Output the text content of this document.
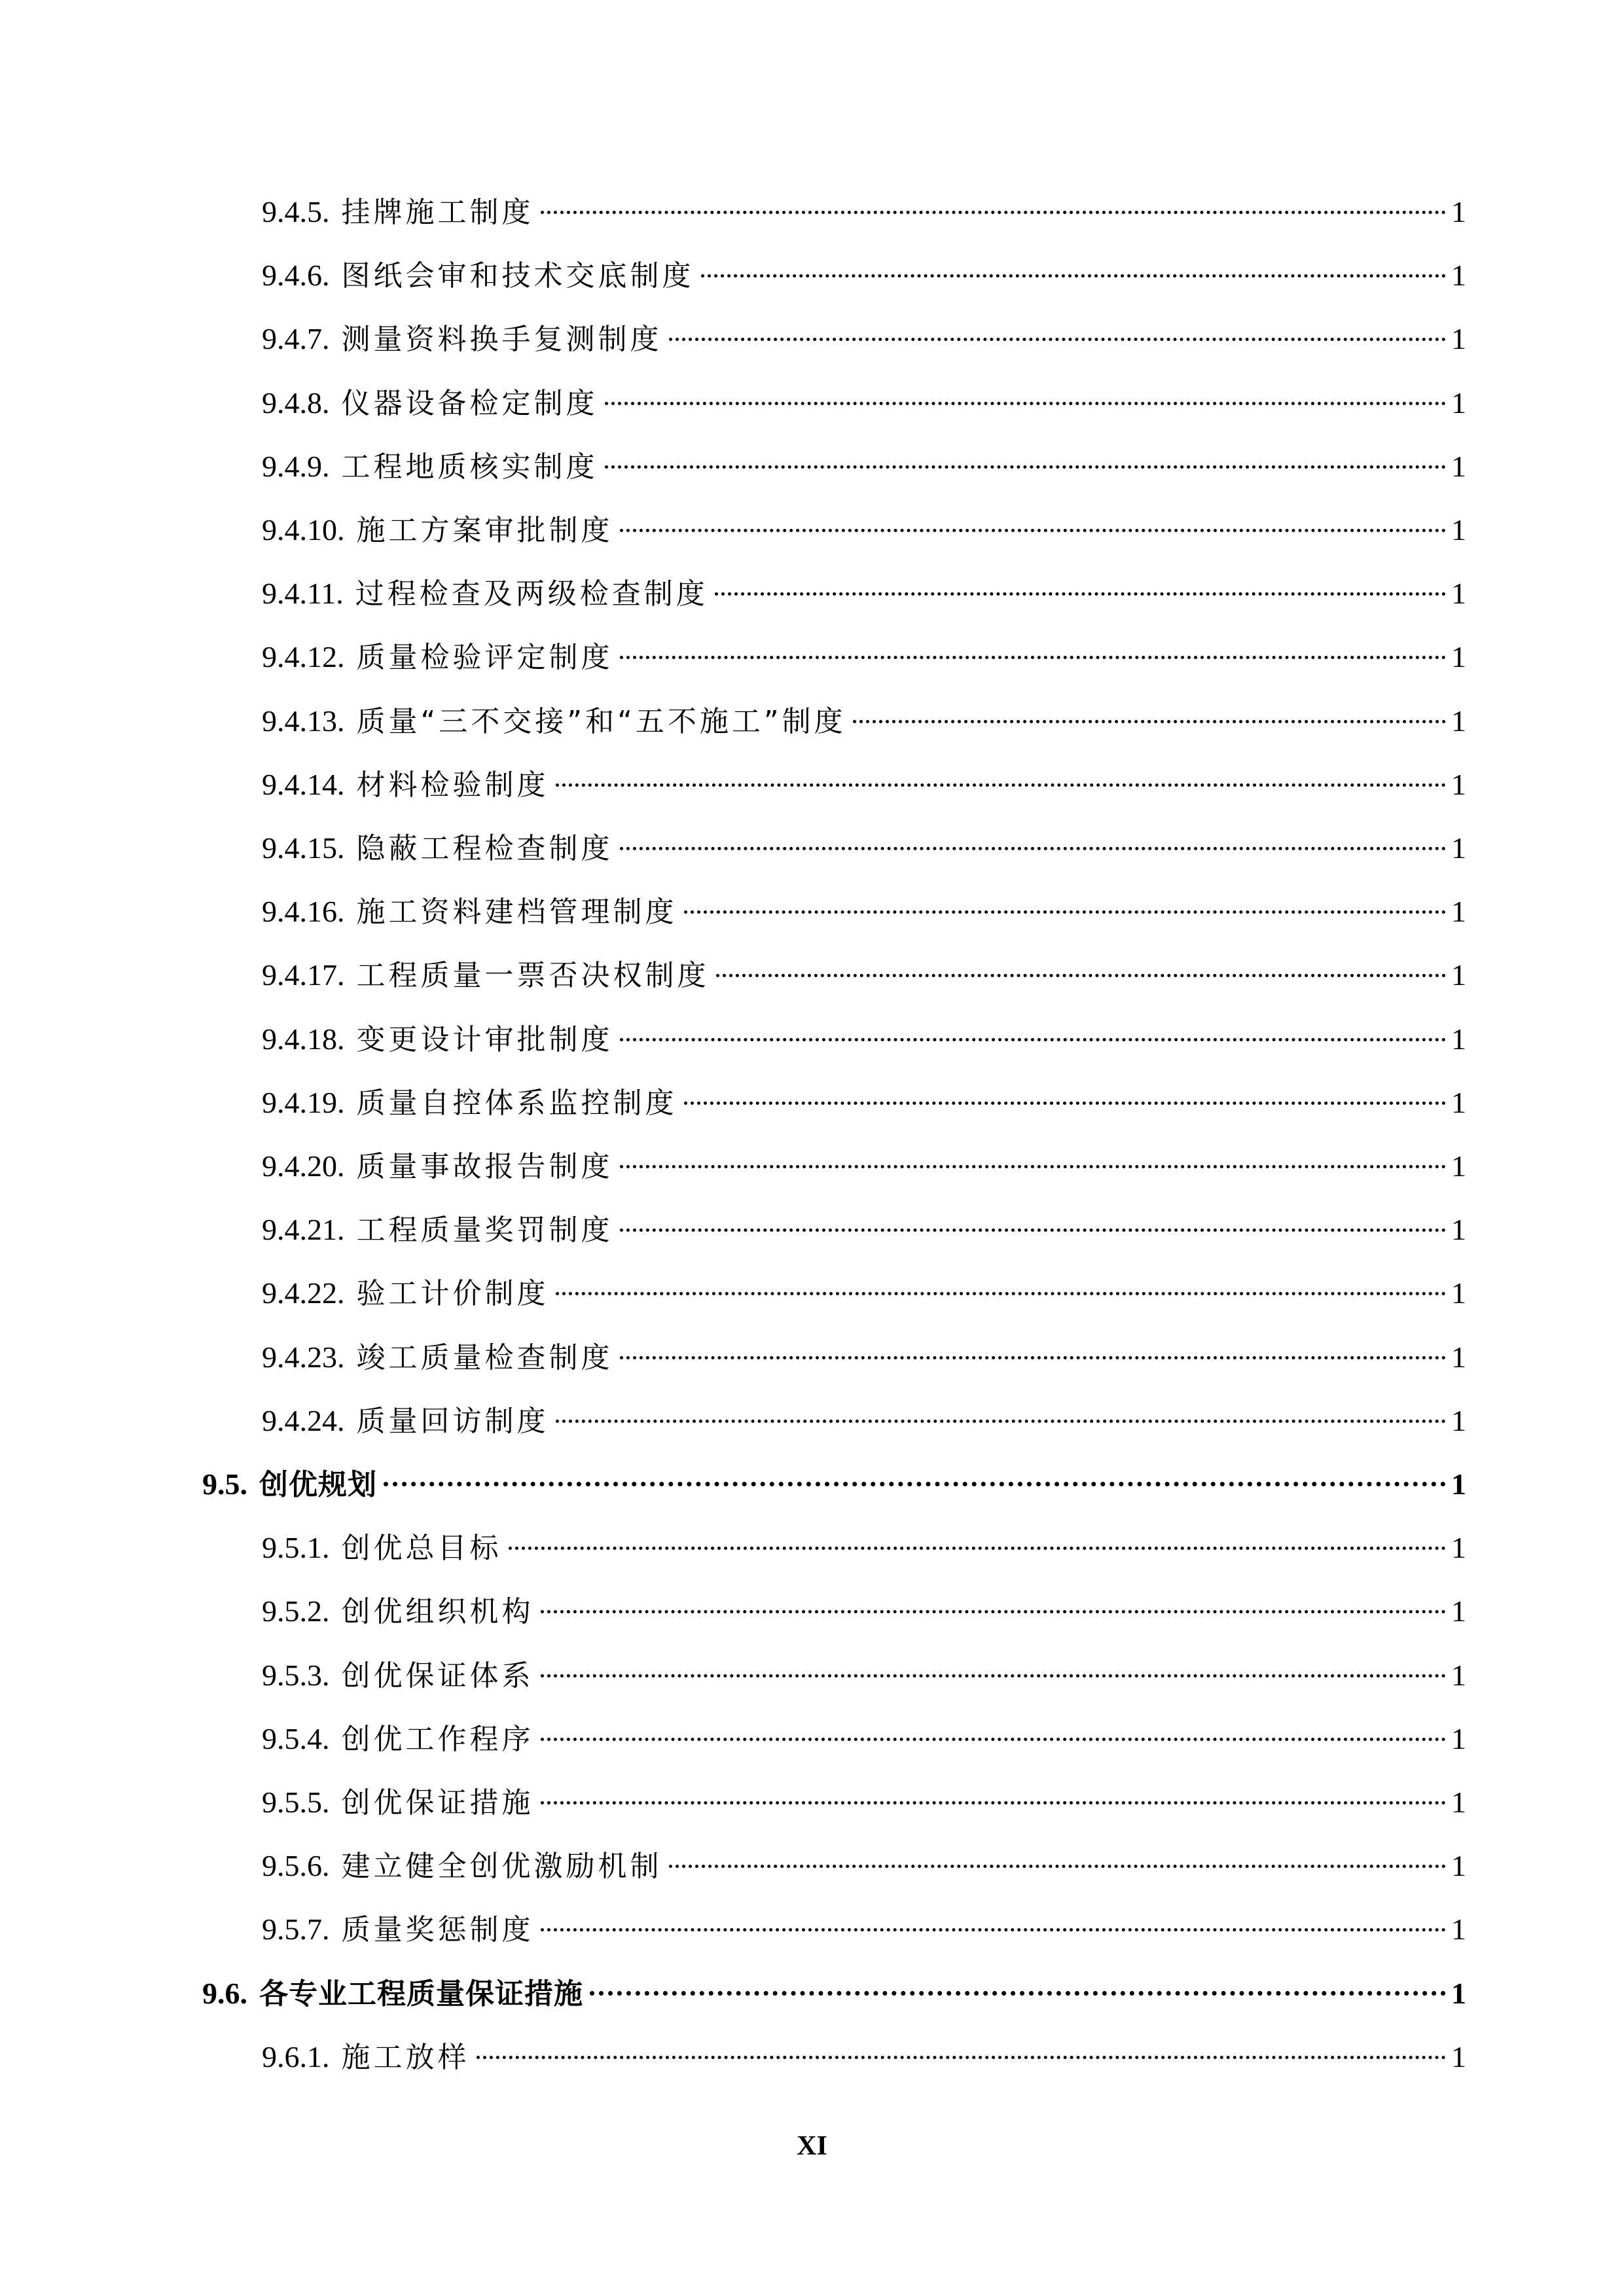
9.4.5. 挂牌施工制度	1
9.4.6. 图纸会审和技术交底制度	1
9.4.7. 测量资料换手复测制度	1
9.4.8. 仪器设备检定制度	1
9.4.9. 工程地质核实制度	1
9.4.10. 施工方案审批制度	1
9.4.11. 过程检查及两级检查制度	1
9.4.12. 质量检验评定制度	1
9.4.13. 质量“三不交接”和“五不施工”制度	1
9.4.14. 材料检验制度	1
9.4.15. 隐蔽工程检查制度	1
9.4.16. 施工资料建档管理制度	1
9.4.17. 工程质量一票否决权制度	1
9.4.18. 变更设计审批制度	1
9.4.19. 质量自控体系监控制度	1
9.4.20. 质量事故报告制度	1
9.4.21. 工程质量奖罚制度	1
9.4.22. 验工计价制度	1
9.4.23. 竣工质量检查制度	1
9.4.24. 质量回访制度	1
9.5. 创优规划	1
9.5.1. 创优总目标	1
9.5.2. 创优组织机构	1
9.5.3. 创优保证体系	1
9.5.4. 创优工作程序	1
9.5.5. 创优保证措施	1
9.5.6. 建立健全创优激励机制	1
9.5.7. 质量奖惩制度	1
9.6. 各专业工程质量保证措施	1
9.6.1. 施工放样	1
XI
